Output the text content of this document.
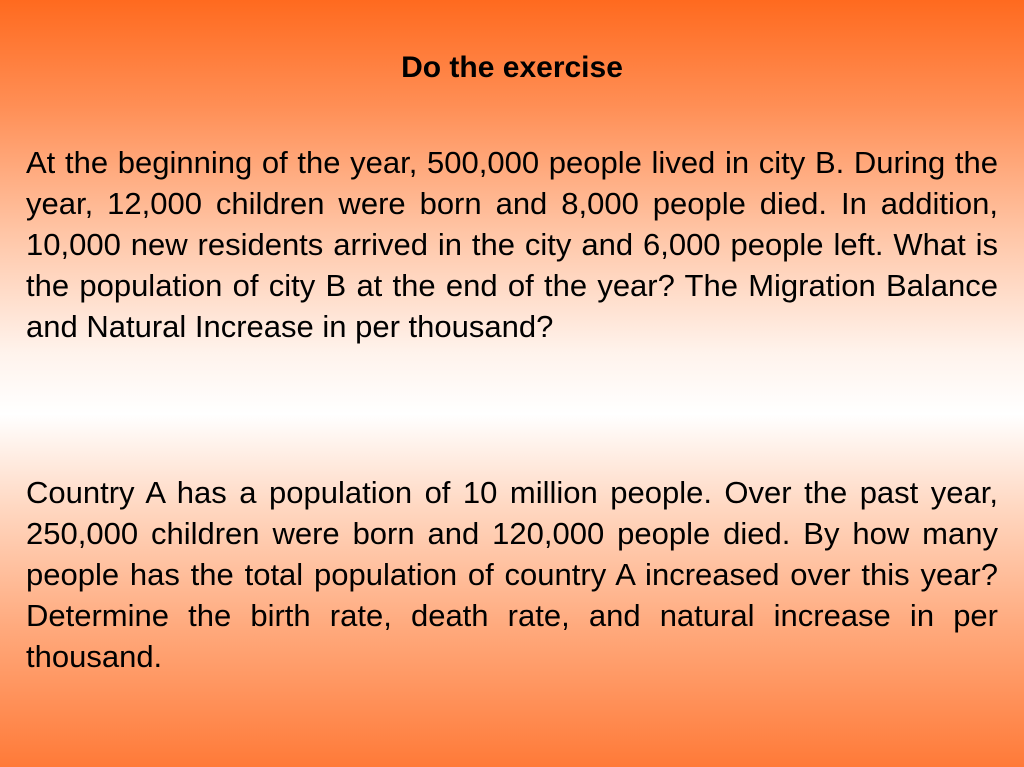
Do the exercise

At the beginning of the year, 500,000 people lived in city B. During the year, 12,000 children were born and 8,000 people died. In addition, 10,000 new residents arrived in the city and 6,000 people left. What is the population of city B at the end of the year? The Migration Balance and Natural Increase in per thousand?

Country A has a population of 10 million people. Over the past year, 250,000 children were born and 120,000 people died. By how many people has the total population of country A increased over this year? Determine the birth rate, death rate, and natural increase in per thousand.
